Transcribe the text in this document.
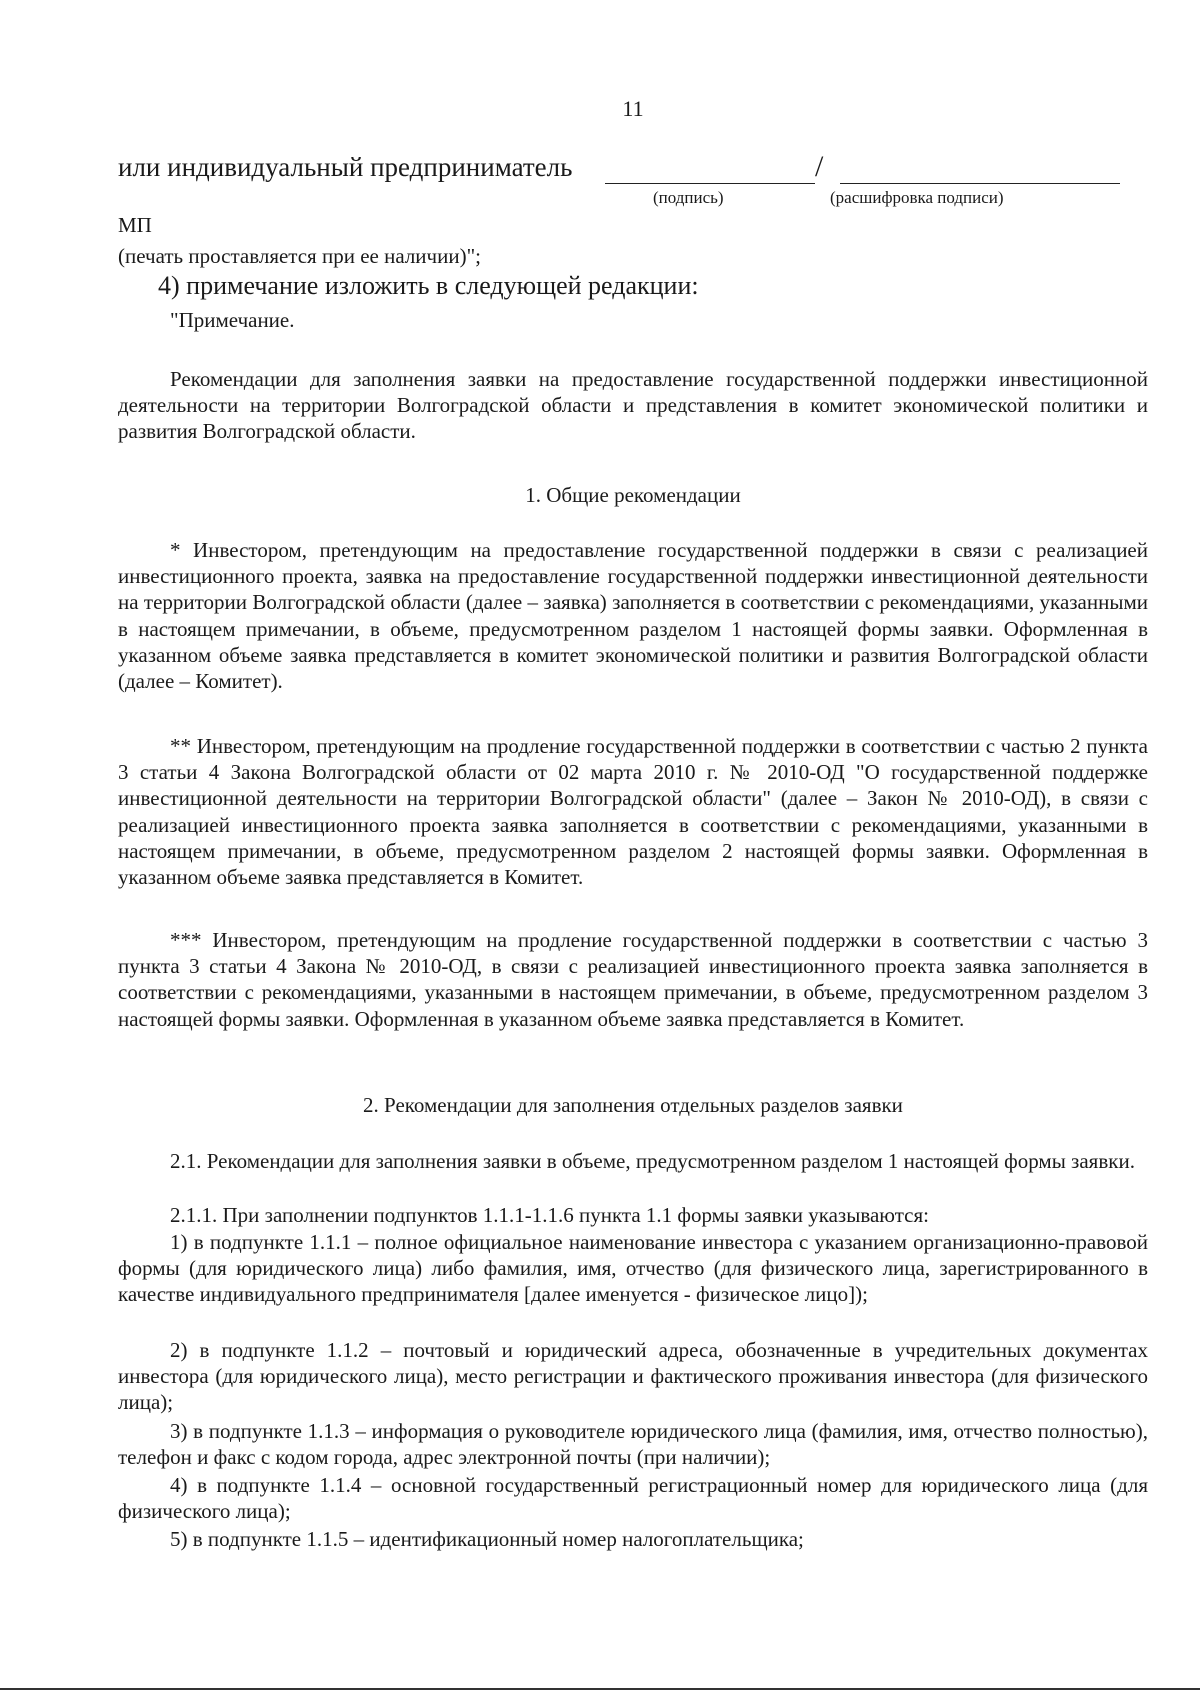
11
или индивидуальный предприниматель	/
(подпись)	(расшифровка подписи)
МП
(печать проставляется при ее наличии)";
4) примечание изложить в следующей редакции:
"Примечание.
Рекомендации для заполнения заявки на предоставление государственной поддержки инвестиционной деятельности на территории Волгоградской области и представления в комитет экономической политики и развития Волгоградской области.
1. Общие рекомендации
* Инвестором, претендующим на предоставление государственной поддержки в связи с реализацией инвестиционного проекта, заявка на предоставление государственной поддержки инвестиционной деятельности на территории Волгоградской области (далее – заявка) заполняется в соответствии с рекомендациями, указанными в настоящем примечании, в объеме, предусмотренном разделом 1 настоящей формы заявки. Оформленная в указанном объеме заявка представляется в комитет экономической политики и развития Волгоградской области (далее – Комитет).
** Инвестором, претендующим на продление государственной поддержки в соответствии с частью 2 пункта 3 статьи 4 Закона Волгоградской области от 02 марта 2010 г. № 2010-ОД "О государственной поддержке инвестиционной деятельности на территории Волгоградской области" (далее – Закон № 2010-ОД), в связи с реализацией инвестиционного проекта заявка заполняется в соответствии с рекомендациями, указанными в настоящем примечании, в объеме, предусмотренном разделом 2 настоящей формы заявки. Оформленная в указанном объеме заявка представляется в Комитет.
*** Инвестором, претендующим на продление государственной поддержки в соответствии с частью 3 пункта 3 статьи 4 Закона № 2010-ОД, в связи с реализацией инвестиционного проекта заявка заполняется в соответствии с рекомендациями, указанными в настоящем примечании, в объеме, предусмотренном разделом 3 настоящей формы заявки. Оформленная в указанном объеме заявка представляется в Комитет.
2. Рекомендации для заполнения отдельных разделов заявки
2.1. Рекомендации для заполнения заявки в объеме, предусмотренном разделом 1 настоящей формы заявки.
2.1.1. При заполнении подпунктов 1.1.1-1.1.6 пункта 1.1 формы заявки указываются:
1) в подпункте 1.1.1 – полное официальное наименование инвестора с указанием организационно-правовой формы (для юридического лица) либо фамилия, имя, отчество (для физического лица, зарегистрированного в качестве индивидуального предпринимателя [далее именуется - физическое лицо]);
2) в подпункте 1.1.2 – почтовый и юридический адреса, обозначенные в учредительных документах инвестора (для юридического лица), место регистрации и фактического проживания инвестора (для физического лица);
3) в подпункте 1.1.3 – информация о руководителе юридического лица (фамилия, имя, отчество полностью), телефон и факс с кодом города, адрес электронной почты (при наличии);
4) в подпункте 1.1.4 – основной государственный регистрационный номер для юридического лица (для физического лица);
5) в подпункте 1.1.5 – идентификационный номер налогоплательщика;
